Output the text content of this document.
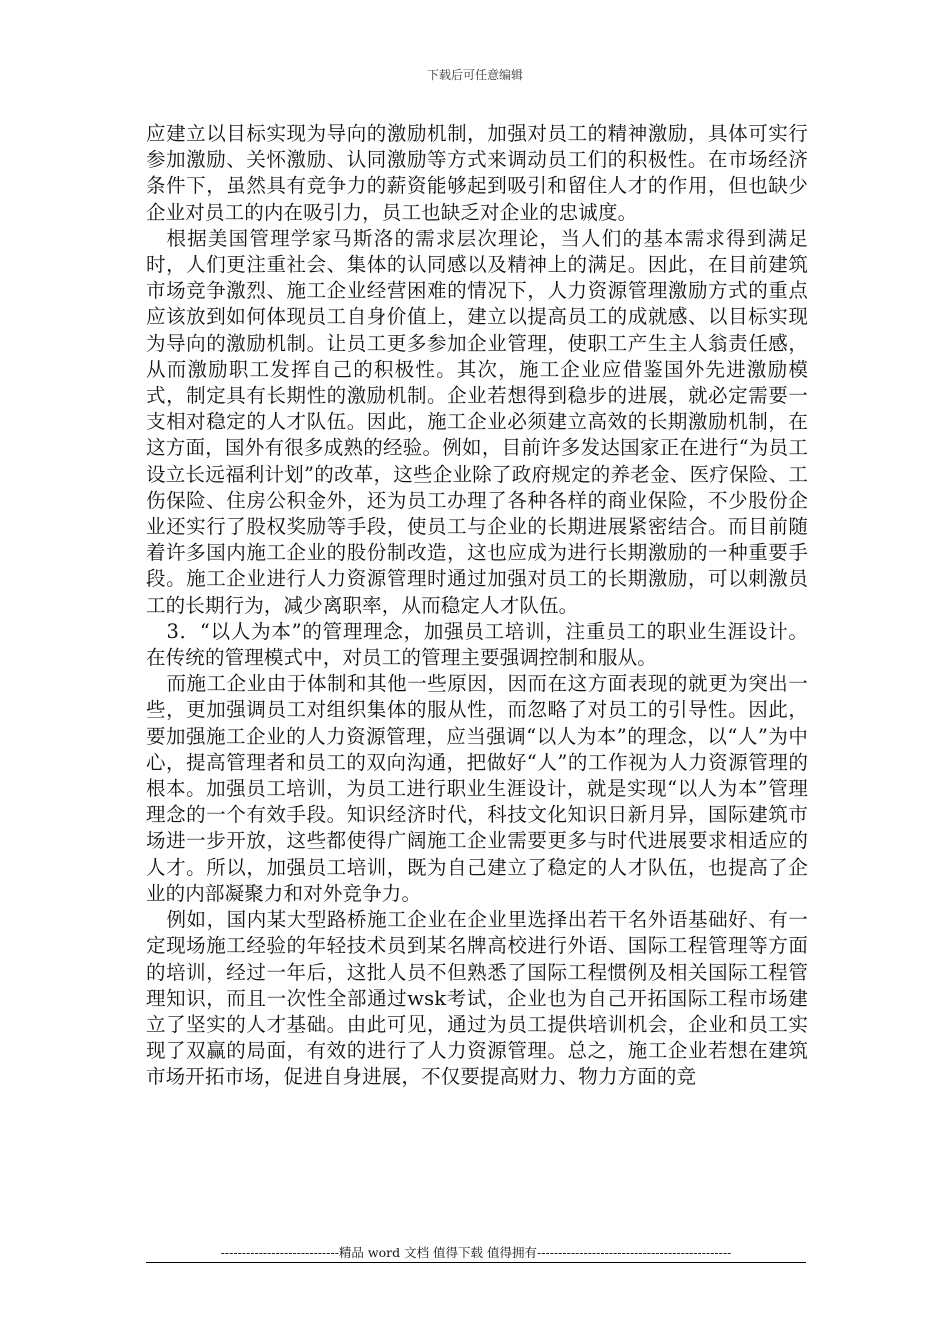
下载后可任意编辑

应建立以目标实现为导向的激励机制，加强对员工的精神激励，具体可实行参加激励、关怀激励、认同激励等方式来调动员工们的积极性。在市场经济条件下，虽然具有竞争力的薪资能够起到吸引和留住人才的作用，但也缺少企业对员工的内在吸引力，员工也缺乏对企业的忠诚度。

根据美国管理学家马斯洛的需求层次理论，当人们的基本需求得到满足时，人们更注重社会、集体的认同感以及精神上的满足。因此，在目前建筑市场竞争激烈、施工企业经营困难的情况下，人力资源管理激励方式的重点应该放到如何体现员工自身价值上，建立以提高员工的成就感、以目标实现为导向的激励机制。让员工更多参加企业管理，使职工产生主人翁责任感，从而激励职工发挥自己的积极性。其次，施工企业应借鉴国外先进激励模式，制定具有长期性的激励机制。企业若想得到稳步的进展，就必定需要一支相对稳定的人才队伍。因此，施工企业必须建立高效的长期激励机制，在这方面，国外有很多成熟的经验。例如，目前许多发达国家正在进行“为员工设立长远福利计划”的改革，这些企业除了政府规定的养老金、医疗保险、工伤保险、住房公积金外，还为员工办理了各种各样的商业保险，不少股份企业还实行了股权奖励等手段，使员工与企业的长期进展紧密结合。而目前随着许多国内施工企业的股份制改造，这也应成为进行长期激励的一种重要手段。施工企业进行人力资源管理时通过加强对员工的长期激励，可以刺激员工的长期行为，减少离职率，从而稳定人才队伍。

3．“以人为本”的管理理念，加强员工培训，注重员工的职业生涯设计。在传统的管理模式中，对员工的管理主要强调控制和服从。

而施工企业由于体制和其他一些原因，因而在这方面表现的就更为突出一些，更加强调员工对组织集体的服从性，而忽略了对员工的引导性。因此，要加强施工企业的人力资源管理，应当强调“以人为本”的理念，以“人”为中心，提高管理者和员工的双向沟通，把做好“人”的工作视为人力资源管理的根本。加强员工培训，为员工进行职业生涯设计，就是实现“以人为本”管理理念的一个有效手段。知识经济时代，科技文化知识日新月异，国际建筑市场进一步开放，这些都使得广阔施工企业需要更多与时代进展要求相适应的人才。所以，加强员工培训，既为自己建立了稳定的人才队伍，也提高了企业的内部凝聚力和对外竞争力。

例如，国内某大型路桥施工企业在企业里选择出若干名外语基础好、有一定现场施工经验的年轻技术员到某名牌高校进行外语、国际工程管理等方面的培训，经过一年后，这批人员不但熟悉了国际工程惯例及相关国际工程管理知识，而且一次性全部通过wsk考试，企业也为自己开拓国际工程市场建立了坚实的人才基础。由此可见，通过为员工提供培训机会，企业和员工实现了双赢的局面，有效的进行了人力资源管理。总之，施工企业若想在建筑市场开拓市场，促进自身进展，不仅要提高财力、物力方面的竞

----------------------------精品 word 文档 值得下载 值得拥有----------------------------------------------
